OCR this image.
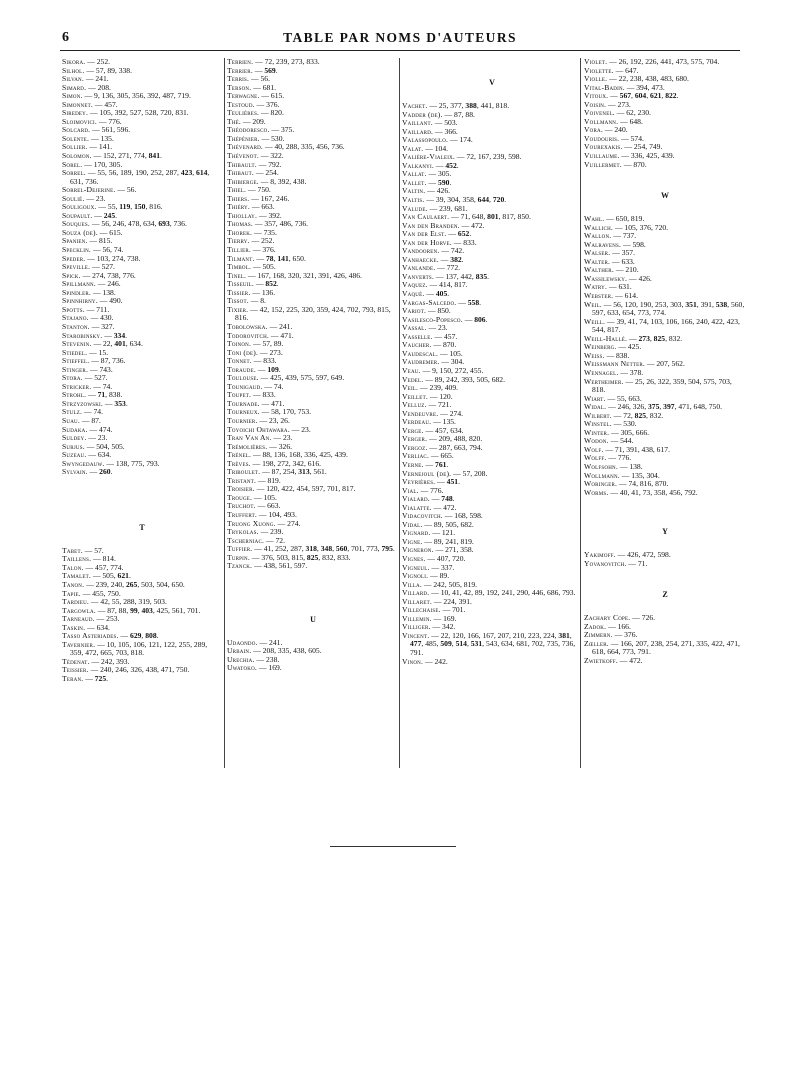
6	TABLE PAR NOMS D'AUTEURS
Sikora. — 252.
Silhol. — 57, 89, 338.
Silvan. — 241.
Simard. — 208.
Simon. — 9, 136, 305, 356, 392, 487, 719.
Simonnet. — 457.
Siredey. — 105, 392, 527, 528, 720, 831.
Sloimovici. — 776.
Solcard. — 561, 596.
Solente. — 135.
Sollier. — 141.
Solomon. — 152, 271, 774, 841.
Sorel. — 170, 305.
Sorrel. — 55, 56, 189, 190, 252, 287, 423, 614, 631, 736.
Sorrel-Dejerine. — 56.
Soulié. — 23.
Souligoux. — 55, 119, 150, 816.
Soupault. — 245.
Souques. — 56, 246, 478, 634, 693, 736.
Souza (de). — 615.
Spanien. — 815.
Specklin. — 56, 74.
Speder. — 103, 274, 738.
Speville. — 527.
Spick. — 274, 738, 776.
Spillmann. — 246.
Spindler. — 138.
Spinnhirny. — 490.
Spotts. — 711.
Stajano. — 430.
Stanton. — 327.
Starobinsky. — 334.
Stevenin. — 22, 401, 634.
Stiedel. — 15.
Stieffel. — 87, 736.
Stinger. — 743.
Stora. — 527.
Stricker. — 74.
Strohl. — 71, 838.
Strzyzowski. — 353.
Stulz. — 74.
Suau. — 87.
Sudaka. — 474.
Suldey. — 23.
Surjus. — 504, 505.
Suzeau. — 634.
Swyngedauw. — 138, 775, 793.
Sylvain. — 260.
T
Tabet. — 57.
Taillens. — 814.
Talon. — 457, 774.
Tamalet. — 505, 621.
Tanon. — 239, 240, 265, 503, 504, 650.
Tapie. — 455, 750.
Tardieu. — 42, 55, 288, 319, 503.
Targowla. — 87, 88, 99, 403, 425, 561, 701.
Tarneaud. — 253.
Taskin. — 634.
Tasso Asteriades. — 629, 808.
Tavernier. — 10, 105, 106, 121, 122, 255, 289, 359, 472, 665, 703, 818.
Tédenat. — 242, 393.
Teissier. — 240, 246, 326, 438, 471, 750.
Teran. — 725.
Terrien. — 72, 239, 273, 833.
Terrier. — 569.
Terris. — 56.
Terson. — 681.
Terwagne. — 615.
Testoud. — 376.
Teulières. — 820.
Thé. — 209.
Théodoresco. — 375.
Thépénier. — 530.
Thévenard. — 40, 288, 335, 456, 736.
Thévenot. — 322.
Thibault. — 792.
Thibaut. — 254.
Thibierge. — 8, 392, 438.
Thiel. — 750.
Thiers. — 167, 246.
Thiéry. — 663.
Thiollay. — 392.
Thomas. — 357, 486, 736.
Thorek. — 735.
Tierry. — 252.
Tillier. — 376.
Tilmant. — 78, 141, 650.
Timbol. — 505.
Tinel. — 167, 168, 320, 321, 391, 426, 486.
Tisseuil. — 852.
Tissier. — 136.
Tissot. — 8.
Tixier. — 42, 152, 225, 320, 359, 424, 702, 793, 815, 816.
Tobolowska. — 241.
Todorovitch. — 471.
Toinon. — 57, 89.
Toni (de). — 273.
Tonnet. — 833.
Toraude. — 109.
Toulouse. — 425, 439, 575, 597, 649.
Tounigaud. — 74.
Toupet. — 833.
Tournade. — 471.
Tourneux. — 58, 170, 753.
Tournier. — 23, 26.
Toyoichi Ohtawara. — 23.
Tran Van An. — 23.
Trémolières. — 326.
Trénel. — 88, 136, 168, 336, 425, 439.
Trèves. — 198, 272, 342, 616.
Triboulet. — 87, 254, 313, 561.
Tristant. — 819.
Troisier. — 120, 422, 454, 597, 701, 817.
Trouge. — 105.
Truchot. — 663.
Truffert. — 104, 493.
Truong Xuong. — 274.
Trykolas. — 239.
Tscherniac. — 72.
Tuffier. — 41, 252, 287, 318, 348, 560, 701, 773, 795.
Turpin. — 376, 503, 815, 825, 832, 833.
Tzanck. — 438, 561, 597.
U
Udaondo. — 241.
Urbain. — 208, 335, 438, 605.
Urechia. — 238.
Uwatoko. — 169.
V
Vachet. — 25, 377, 388, 441, 818.
Vadder (de). — 87, 88.
Vaillant. — 503.
Vaillard. — 366.
Valassopoulo. — 174.
Valat. — 104.
Valière-Vialeix. — 72, 167, 239, 598.
Valkanyi. — 452.
Vallat. — 305.
Vallet. — 590.
Valtin. — 426.
Valtis. — 39, 304, 358, 644, 720.
Valude. — 239, 681.
Van Caulaert. — 71, 648, 801, 817, 850.
Van den Branden. — 472.
Van der Elst. — 652.
Van der Horve. — 833.
Vandooren. — 742.
Vanhaecke. — 382.
Vanlande. — 772.
Vanverts. — 137, 442, 835.
Vaquez. — 414, 817.
Vaqué. — 405.
Vargas-Salcedo. — 558.
Variot. — 850.
Vasilesco-Popesco. — 806.
Vassal. — 23.
Vasselle. — 457.
Vaucher. — 870.
Vaudescal. — 105.
Vaudremer. — 304.
Veau. — 9, 150, 272, 455.
Vedel. — 89, 242, 393, 505, 682.
Veil. — 239, 409.
Veillet. — 120.
Velluz. — 721.
Vendeuvre. — 274.
Verdeau. — 135.
Verge. — 457, 634.
Verger. — 209, 488, 820.
Vergoz. — 287, 663, 794.
Verliac. — 665.
Verne. — 761.
Vernejoul (de). — 57, 208.
Veyrières. — 451.
Vial. — 776.
Vialard. — 748.
Vialatte. — 472.
Vidacovitch. — 168, 598.
Vidal. — 89, 505, 682.
Vignard. — 121.
Vigne. — 89, 241, 819.
Vigneron. — 271, 358.
Vignes. — 407, 720.
Vigneul. — 337.
Vignoli. — 89.
Villa. — 242, 505, 819.
Villard. — 10, 41, 42, 89, 192, 241, 290, 446, 686, 793.
Villaret. — 224, 391.
Villechaise. — 701.
Villemin. — 169.
Villiger. — 342.
Vincent. — 22, 120, 166, 167, 207, 210, 223, 224, 381, 477, 485, 509, 514, 531, 543, 634, 681, 702, 735, 736, 791.
Vinon. — 242.
Violet. — 26, 192, 226, 441, 473, 575, 704.
Violette. — 647.
Violle. — 22, 238, 438, 483, 680.
Vital-Badin. — 394, 473.
Vitoux. — 567, 604, 621, 822.
Voisin. — 273.
Voivenel. — 62, 230.
Vollmann. — 648.
Vora. — 240.
Voudouris. — 574.
Vourexakis. — 254, 749.
Vuillaume. — 336, 425, 439.
Vuillermet. — 870.
W
Wahl. — 650, 819.
Wallich. — 105, 376, 720.
Wallon. — 737.
Walravens. — 598.
Walser. — 357.
Walter. — 633.
Walther. — 210.
Wassilewsky. — 426.
Watry. — 631.
Webster. — 614.
Weil. — 56, 120, 190, 253, 303, 351, 391, 538, 560, 597, 633, 654, 773, 774.
Weill. — 39, 41, 74, 103, 106, 166, 240, 422, 423, 544, 817.
Weill-Hallé. — 273, 825, 832.
Weinberg. — 425.
Weiss. — 838.
Weissmann Netter. — 207, 562.
Wennagel. — 378.
Wertheimer. — 25, 26, 322, 359, 504, 575, 703, 818.
Wiart. — 55, 663.
Widal. — 246, 326, 375, 397, 471, 648, 750.
Wilbert. — 72, 825, 832.
Winstel. — 530.
Winter. — 305, 666.
Wodon. — 544.
Wolf. — 71, 391, 438, 617.
Wolff. — 776.
Wolfsohn. — 138.
Wollmann. — 135, 304.
Woringer. — 74, 816, 870.
Worms. — 40, 41, 73, 358, 456, 792.
Y
Yakimoff. — 426, 472, 598.
Yovanovitch. — 71.
Z
Zachary Cope. — 726.
Zadok. — 166.
Zimmern. — 376.
Zœller. — 166, 207, 238, 254, 271, 335, 422, 471, 618, 664, 773, 791.
Zwietkoff. — 472.
